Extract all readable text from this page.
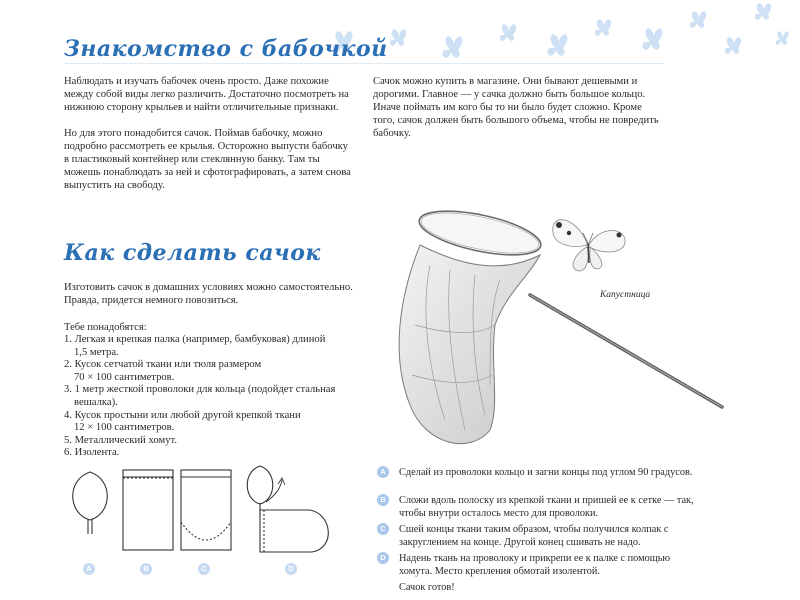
Знакомство с бабочкой

Наблюдать и изучать бабочек очень просто. Даже похожие между собой виды легко различить. Достаточно посмотреть на нижнюю сторону крыльев и найти отличительные признаки.

Но для этого понадобится сачок. Поймав бабочку, можно подробно рассмотреть ее крылья. Осторожно выпусти бабочку в пластиковый контейнер или стеклянную банку. Там ты можешь понаблюдать за ней и сфотографировать, а затем снова выпустить на свободу.

Сачок можно купить в магазине. Они бывают дешевыми и дорогими. Главное — у сачка должно быть большое кольцо. Иначе поймать им кого бы то ни было будет сложно. Кроме того, сачок должен быть большого объема, чтобы не повредить бабочку.

Как сделать сачок

Изготовить сачок в домашних условиях можно самостоятельно. Правда, придется немного повозиться.

Тебе понадобятся:
1. Легкая и крепкая палка (например, бамбуковая) длиной
1,5 метра.
2. Кусок сетчатой ткани или тюля размером
70 × 100 сантиметров.
3. 1 метр жесткой проволоки для кольца (подойдет стальная
вешалка).
4. Кусок простыни или любой другой крепкой ткани
12 × 100 сантиметров.
5. Металлический хомут.
6. Изолента.
A	B	C	D
Капустница
A	Сделай из проволоки кольцо и загни концы под углом 90 градусов.
B	Сложи вдоль полоску из крепкой ткани и пришей ее к сетке — так, чтобы внутри осталось место для проволоки.
C	Сшей концы ткани таким образом, чтобы получился колпак с закруглением на конце. Другой конец сшивать не надо.
D	Надень ткань на проволоку и прикрепи ее к палке с помощью хомута. Место крепления обмотай изолентой.
Сачок готов!
